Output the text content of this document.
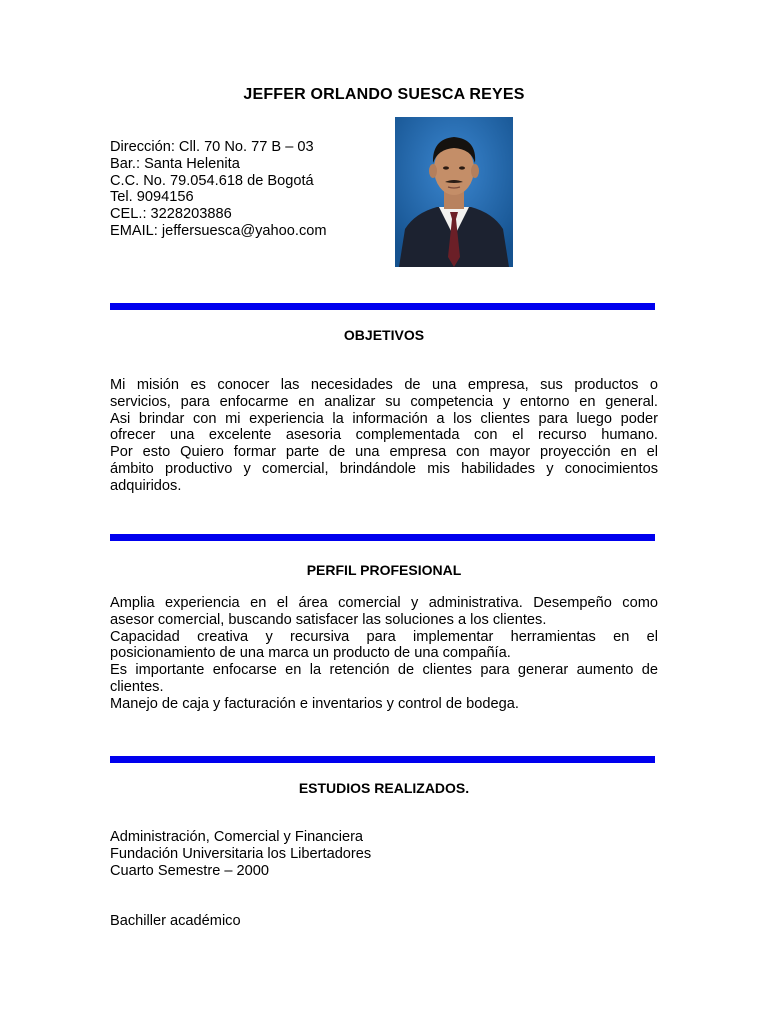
JEFFER ORLANDO SUESCA REYES
Dirección: Cll. 70 No. 77 B – 03
Bar.: Santa Helenita
C.C. No. 79.054.618 de Bogotá
Tel. 9094156
CEL.: 3228203886
EMAIL: jeffersuesca@yahoo.com
OBJETIVOS
Mi misión es conocer las necesidades de una empresa, sus productos o
servicios, para enfocarme en analizar su competencia y entorno en general.
Asi brindar con mi experiencia la información a los clientes para luego poder
ofrecer una excelente asesoria complementada con el recurso humano.
Por esto Quiero formar parte de una empresa con mayor proyección en el
ámbito productivo y comercial, brindándole mis habilidades y conocimientos
adquiridos.
PERFIL PROFESIONAL
Amplia experiencia en el área comercial y administrativa. Desempeño como
asesor comercial, buscando satisfacer las soluciones a los clientes.
Capacidad creativa y recursiva para implementar herramientas en el
posicionamiento de una marca un producto de una compañía.
Es importante enfocarse en la retención de clientes para generar aumento de
clientes.
Manejo de caja y facturación e inventarios y control de bodega.
ESTUDIOS REALIZADOS.
Administración, Comercial y Financiera
Fundación Universitaria los Libertadores
Cuarto Semestre – 2000
Bachiller académico
